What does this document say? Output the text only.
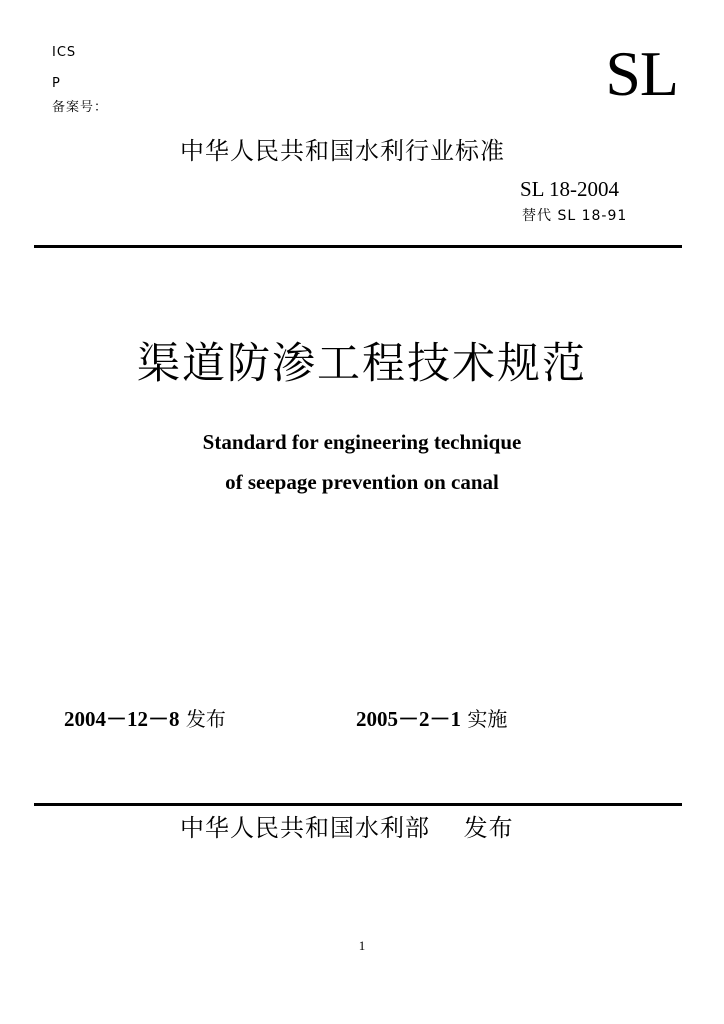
ICS
P
备案号：	SL
中华人民共和国水利行业标准
SL 18-2004
替代 SL 18-91
渠道防渗工程技术规范
Standard for engineering technique
of seepage prevention on canal
2004－12－8 发布	2005－2－1 实施
中华人民共和国水利部　 发布
1
